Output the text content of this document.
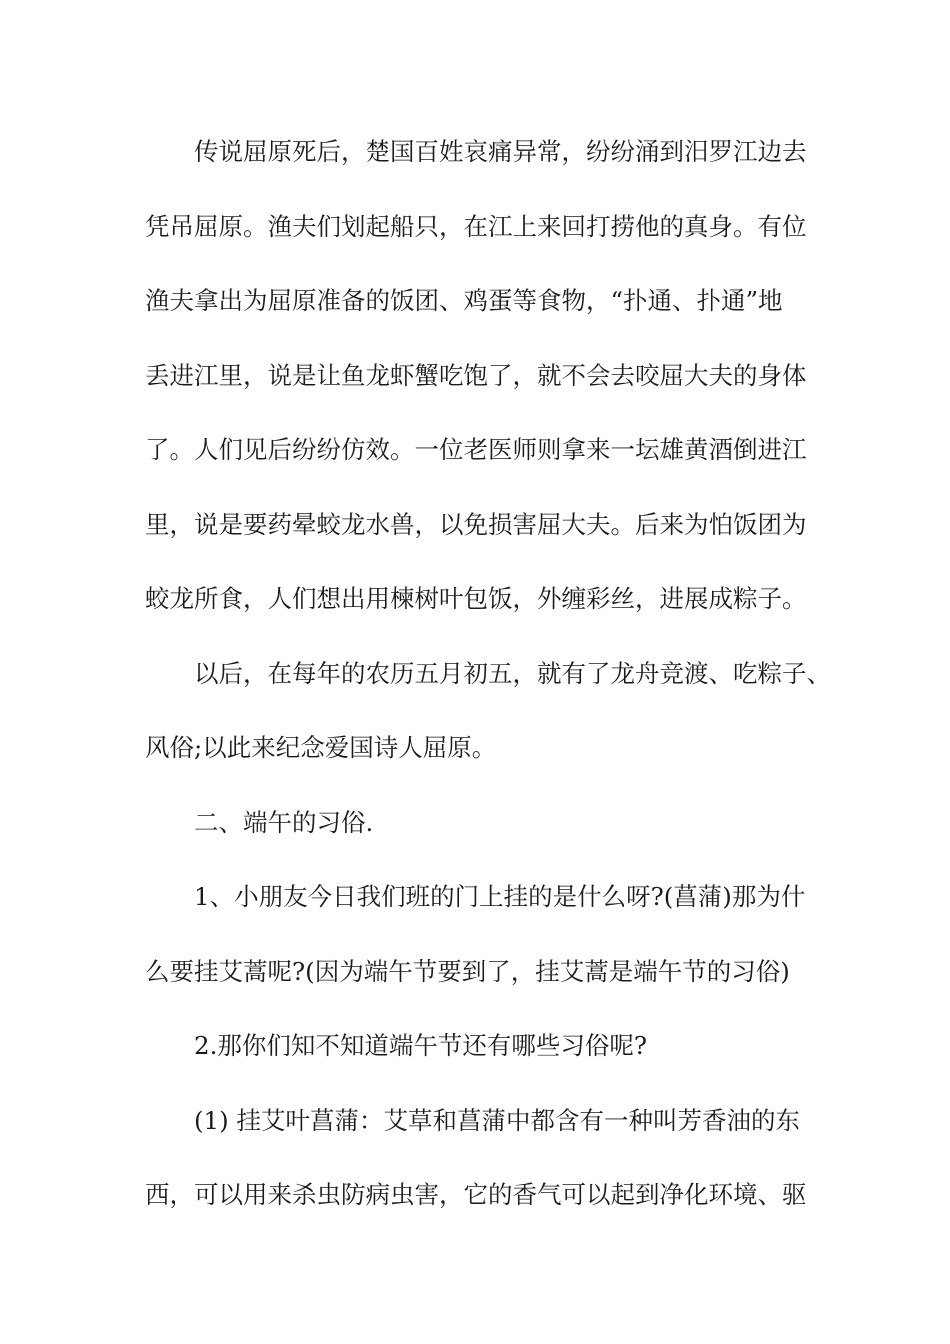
传说屈原死后，楚国百姓哀痛异常，纷纷涌到汨罗江边去
凭吊屈原。渔夫们划起船只，在江上来回打捞他的真身。有位
渔夫拿出为屈原准备的饭团、鸡蛋等食物，“扑通、扑通”地
丢进江里，说是让鱼龙虾蟹吃饱了，就不会去咬屈大夫的身体
了。人们见后纷纷仿效。一位老医师则拿来一坛雄黄酒倒进江
里，说是要药晕蛟龙水兽，以免损害屈大夫。后来为怕饭团为
蛟龙所食，人们想出用楝树叶包饭，外缠彩丝，进展成粽子。
以后，在每年的农历五月初五，就有了龙舟竞渡、吃粽子、
风俗;以此来纪念爱国诗人屈原。
二、端午的习俗.
1、小朋友今日我们班的门上挂的是什么呀?(菖蒲)那为什
么要挂艾蒿呢?(因为端午节要到了，挂艾蒿是端午节的习俗)
2.那你们知不知道端午节还有哪些习俗呢?
(1) 挂艾叶菖蒲：艾草和菖蒲中都含有一种叫芳香油的东
西，可以用来杀虫防病虫害，它的香气可以起到净化环境、驱
